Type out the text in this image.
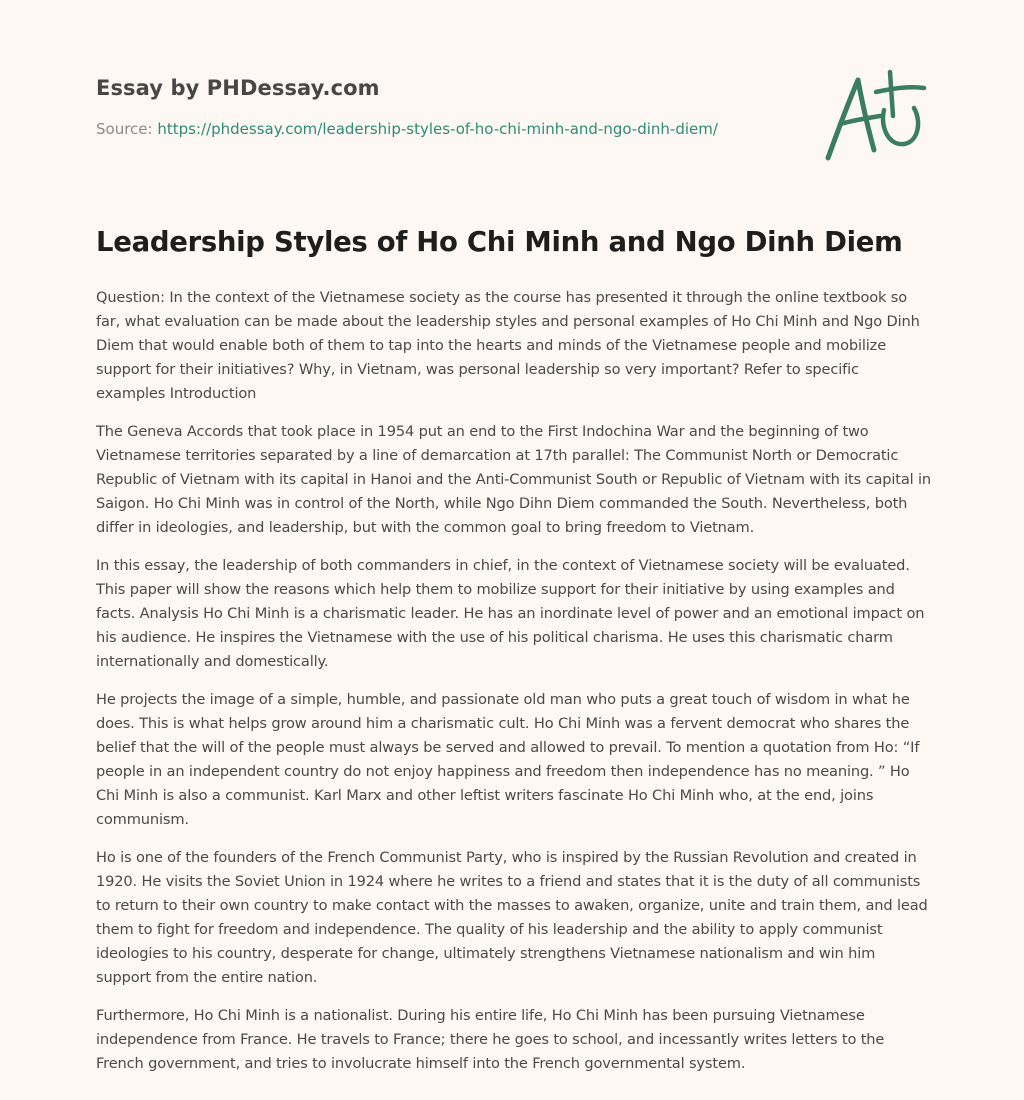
Essay by PHDessay.com

Source: https://phdessay.com/leadership-styles-of-ho-chi-minh-and-ngo-dinh-diem/
Leadership Styles of Ho Chi Minh and Ngo Dinh Diem

Question: In the context of the Vietnamese society as the course has presented it through the online textbook so far, what evaluation can be made about the leadership styles and personal examples of Ho Chi Minh and Ngo Dinh Diem that would enable both of them to tap into the hearts and minds of the Vietnamese people and mobilize support for their initiatives? Why, in Vietnam, was personal leadership so very important? Refer to specific examples Introduction

The Geneva Accords that took place in 1954 put an end to the First Indochina War and the beginning of two Vietnamese territories separated by a line of demarcation at 17th parallel: The Communist North or Democratic Republic of Vietnam with its capital in Hanoi and the Anti-Communist South or Republic of Vietnam with its capital in Saigon. Ho Chi Minh was in control of the North, while Ngo Dihn Diem commanded the South. Nevertheless, both differ in ideologies, and leadership, but with the common goal to bring freedom to Vietnam.

In this essay, the leadership of both commanders in chief, in the context of Vietnamese society will be evaluated. This paper will show the reasons which help them to mobilize support for their initiative by using examples and facts. Analysis Ho Chi Minh is a charismatic leader. He has an inordinate level of power and an emotional impact on his audience. He inspires the Vietnamese with the use of his political charisma. He uses this charismatic charm internationally and domestically.

He projects the image of a simple, humble, and passionate old man who puts a great touch of wisdom in what he does. This is what helps grow around him a charismatic cult. Ho Chi Minh was a fervent democrat who shares the belief that the will of the people must always be served and allowed to prevail. To mention a quotation from Ho: “If people in an independent country do not enjoy happiness and freedom then independence has no meaning. ” Ho Chi Minh is also a communist. Karl Marx and other leftist writers fascinate Ho Chi Minh who, at the end, joins communism.

Ho is one of the founders of the French Communist Party, who is inspired by the Russian Revolution and created in 1920. He visits the Soviet Union in 1924 where he writes to a friend and states that it is the duty of all communists to return to their own country to make contact with the masses to awaken, organize, unite and train them, and lead them to fight for freedom and independence. The quality of his leadership and the ability to apply communist ideologies to his country, desperate for change, ultimately strengthens Vietnamese nationalism and win him support from the entire nation.

Furthermore, Ho Chi Minh is a nationalist. During his entire life, Ho Chi Minh has been pursuing Vietnamese independence from France. He travels to France; there he goes to school, and incessantly writes letters to the French government, and tries to involucrate himself into the French governmental system.
